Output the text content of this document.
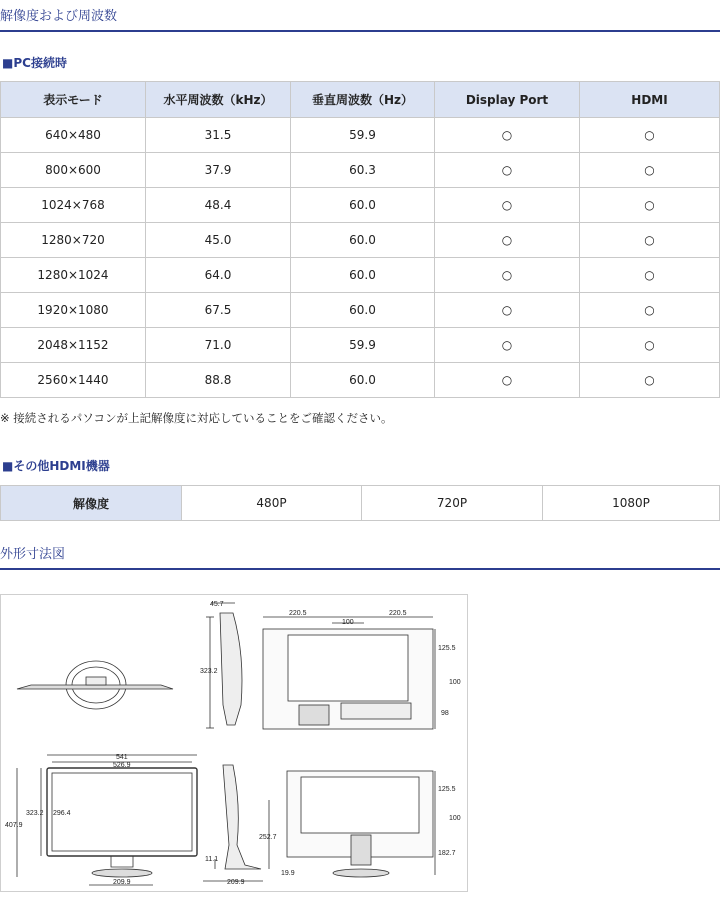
解像度および周波数
■PC接続時
表示モード	水平周波数（kHz）	垂直周波数（Hz）	Display Port	HDMI
640×480	31.5	59.9	○	○
800×600	37.9	60.3	○	○
1024×768	48.4	60.0	○	○
1280×720	45.0	60.0	○	○
1280×1024	64.0	60.0	○	○
1920×1080	67.5	60.0	○	○
2048×1152	71.0	59.9	○	○
2560×1440	88.8	60.0	○	○
※ 接続されるパソコンが上記解像度に対応していることをご確認ください。
■その他HDMI機器
解像度	480P	720P	1080P
外形寸法図
45.7
323.2
220.5	220.5
100
125.5
100
98
541
526.9
407.9
323.2 296.4
209.9	209.9
252.7
11.1
19.9
125.5
100
182.7
